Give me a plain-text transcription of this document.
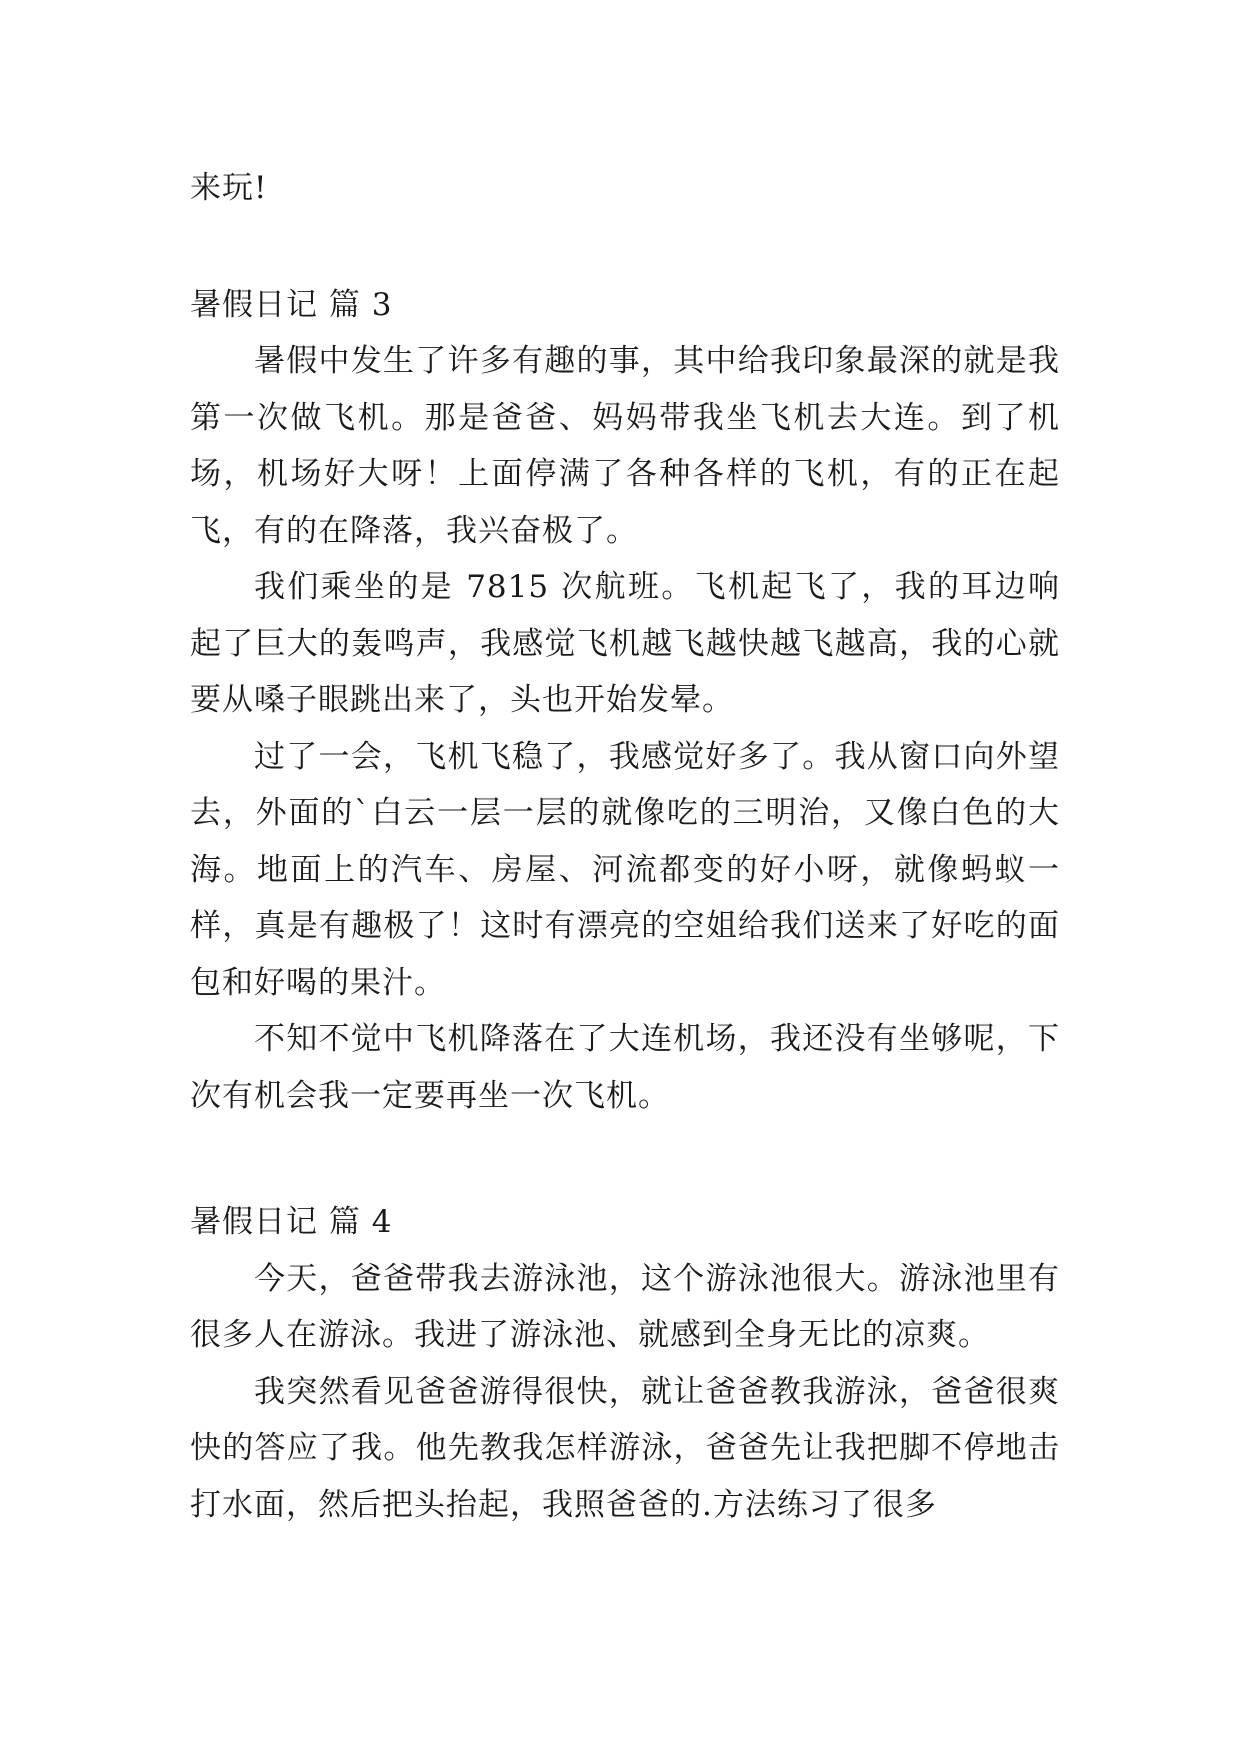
来玩!

暑假日记 篇 3

暑假中发生了许多有趣的事，其中给我印象最深的就是我第一次做飞机。那是爸爸、妈妈带我坐飞机去大连。到了机场，机场好大呀！上面停满了各种各样的飞机，有的正在起飞，有的在降落，我兴奋极了。

我们乘坐的是 7815 次航班。飞机起飞了，我的耳边响起了巨大的轰鸣声，我感觉飞机越飞越快越飞越高，我的心就要从嗓子眼跳出来了，头也开始发晕。

过了一会，飞机飞稳了，我感觉好多了。我从窗口向外望去，外面的`白云一层一层的就像吃的三明治，又像白色的大海。地面上的汽车、房屋、河流都变的好小呀，就像蚂蚁一样，真是有趣极了！这时有漂亮的空姐给我们送来了好吃的面包和好喝的果汁。

不知不觉中飞机降落在了大连机场，我还没有坐够呢，下次有机会我一定要再坐一次飞机。

暑假日记 篇 4

今天，爸爸带我去游泳池，这个游泳池很大。游泳池里有很多人在游泳。我进了游泳池、就感到全身无比的凉爽。

我突然看见爸爸游得很快，就让爸爸教我游泳，爸爸很爽快的答应了我。他先教我怎样游泳，爸爸先让我把脚不停地击打水面，然后把头抬起，我照爸爸的.方法练习了很多
